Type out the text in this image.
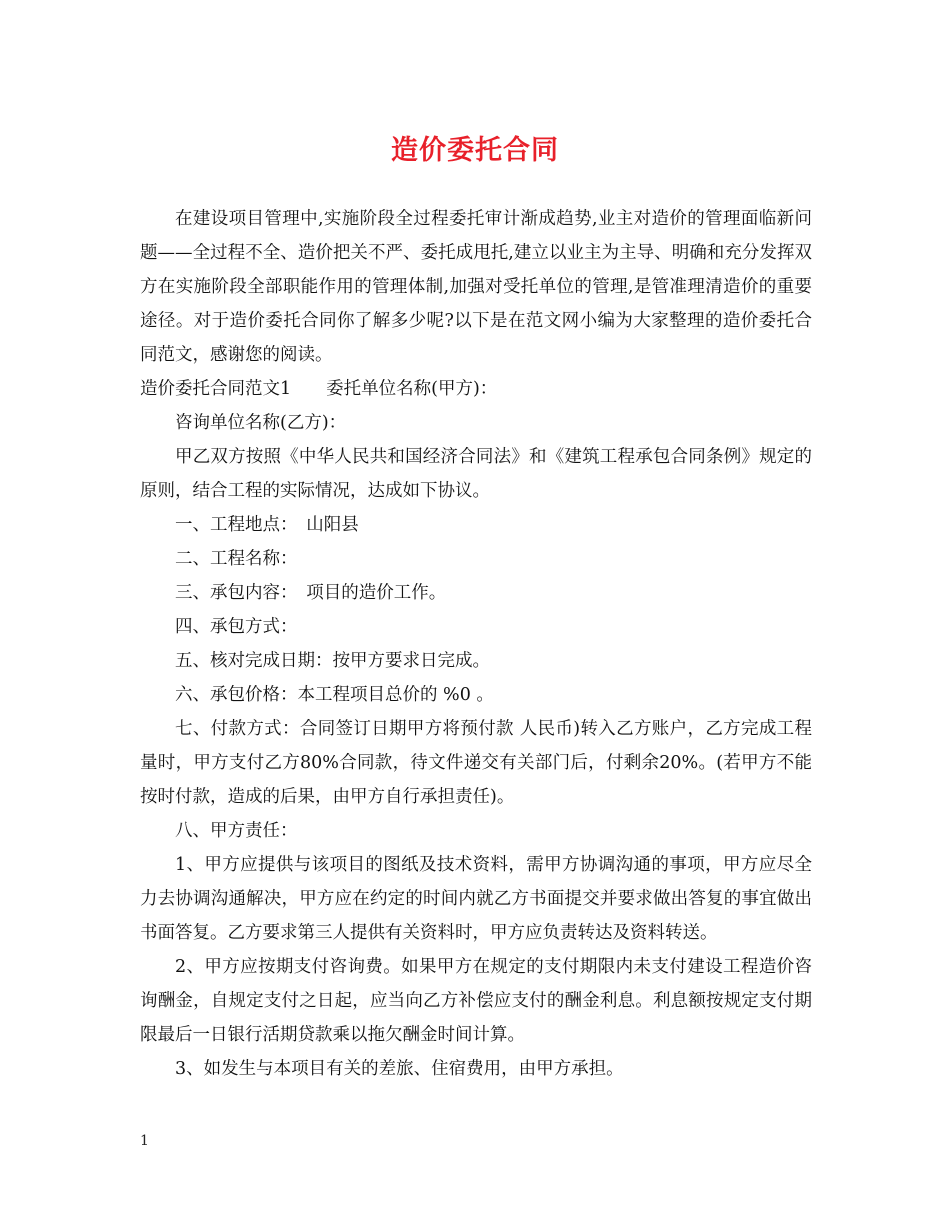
造价委托合同

在建设项目管理中,实施阶段全过程委托审计渐成趋势,业主对造价的管理面临新问题——全过程不全、造价把关不严、委托成甩托,建立以业主为主导、明确和充分发挥双方在实施阶段全部职能作用的管理体制,加强对受托单位的管理,是管准理清造价的重要途径。对于造价委托合同你了解多少呢?以下是在范文网小编为大家整理的造价委托合同范文，感谢您的阅读。

造价委托合同范文1　　委托单位名称(甲方)：

咨询单位名称(乙方)：

甲乙双方按照《中华人民共和国经济合同法》和《建筑工程承包合同条例》规定的原则，结合工程的实际情况，达成如下协议。

一、工程地点：　山阳县

二、工程名称：

三、承包内容：　项目的造价工作。

四、承包方式：

五、核对完成日期：按甲方要求日完成。

六、承包价格：本工程项目总价的 %0 。

七、付款方式：合同签订日期甲方将预付款 人民币)转入乙方账户，乙方完成工程量时，甲方支付乙方80%合同款，待文件递交有关部门后，付剩余20%。(若甲方不能按时付款，造成的后果，由甲方自行承担责任)。

八、甲方责任：

1、甲方应提供与该项目的图纸及技术资料，需甲方协调沟通的事项，甲方应尽全力去协调沟通解决，甲方应在约定的时间内就乙方书面提交并要求做出答复的事宜做出书面答复。乙方要求第三人提供有关资料时，甲方应负责转达及资料转送。

2、甲方应按期支付咨询费。如果甲方在规定的支付期限内未支付建设工程造价咨询酬金，自规定支付之日起，应当向乙方补偿应支付的酬金利息。利息额按规定支付期限最后一日银行活期贷款乘以拖欠酬金时间计算。

3、如发生与本项目有关的差旅、住宿费用，由甲方承担。

1
